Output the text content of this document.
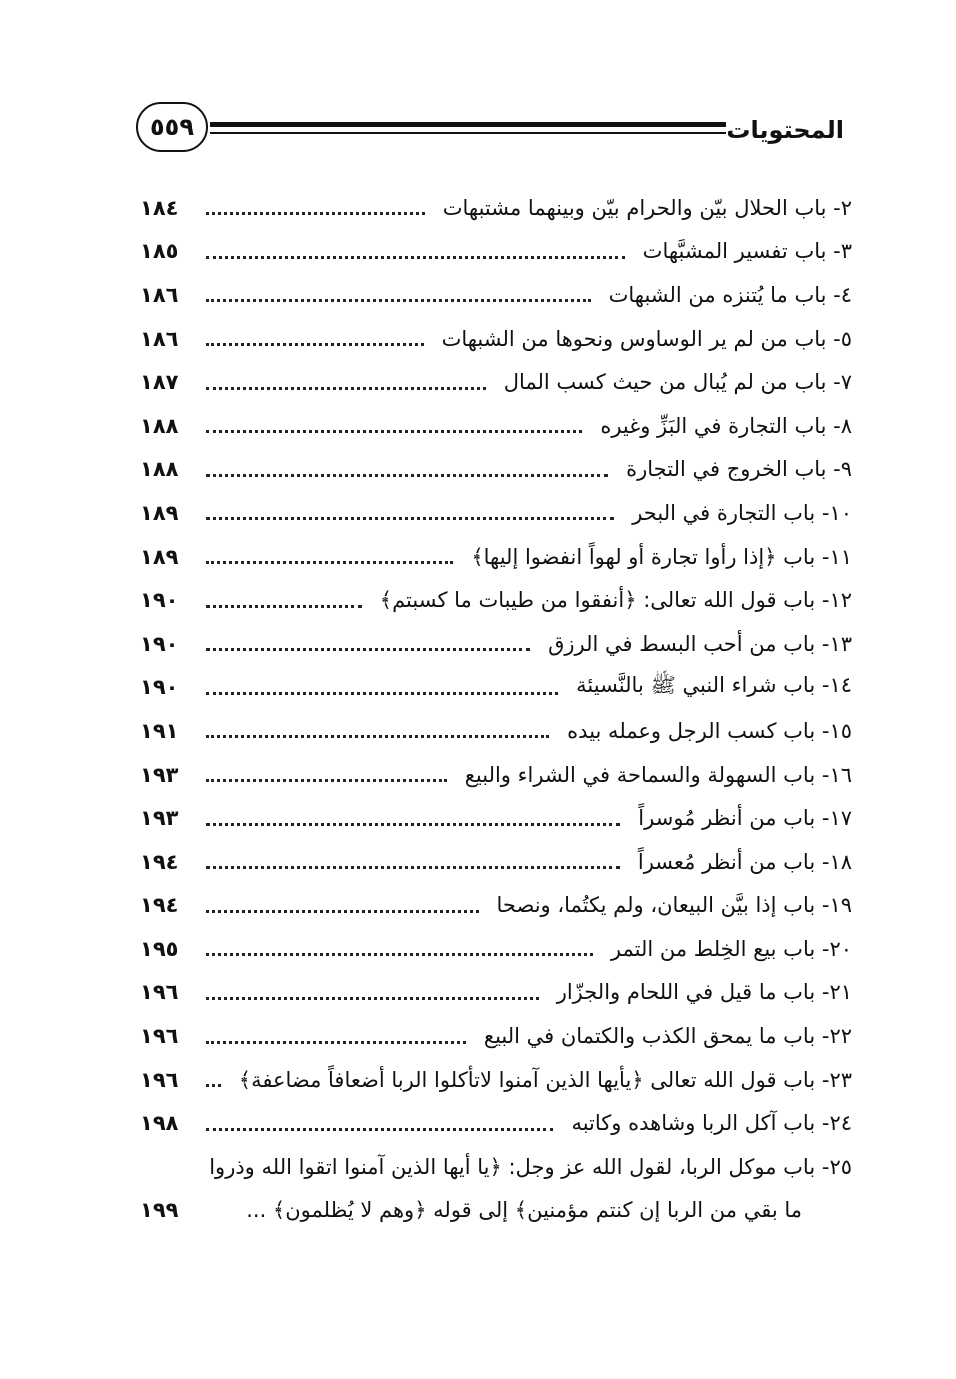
المحتويات
٥٥٩
٢- باب الحلال بيّن والحرام بيّن وبينهما مشتبهات
١٨٤
٣- باب تفسير المشبَّهات
١٨٥
٤- باب ما يُتنزه من الشبهات
١٨٦
٥- باب من لم ير الوساوس ونحوها من الشبهات
١٨٦
٧- باب من لم يُبال من حيث كسب المال
١٨٧
٨- باب التجارة في البَزِّ وغيره
١٨٨
٩- باب الخروج في التجارة
١٨٨
١٠- باب التجارة في البحر
١٨٩
١١- باب ﴿إذا رأوا تجارة أو لهواً انفضوا إليها﴾
١٨٩
١٢- باب قول الله تعالى: ﴿أنفقوا من طيبات ما كسبتم﴾
١٩٠
١٣- باب من أحب البسط في الرزق
١٩٠
١٤- باب شراء النبي ﷺ بالنَّسيئة
١٩٠
١٥- باب كسب الرجل وعمله بيده
١٩١
١٦- باب السهولة والسماحة في الشراء والبيع
١٩٣
١٧- باب من أنظر مُوسراً
١٩٣
١٨- باب من أنظر مُعسراً
١٩٤
١٩- باب إذا بيَّن البيعان، ولم يكتُما، ونصحا
١٩٤
٢٠- باب بيع الخِلط من التمر
١٩٥
٢١- باب ما قيل في اللحام والجزّار
١٩٦
٢٢- باب ما يمحق الكذب والكتمان في البيع
١٩٦
٢٣- باب قول الله تعالى ﴿يأيها الذين آمنوا لاتأكلوا الربا أضعافاً مضاعفة﴾
١٩٦
٢٤- باب آكل الربا وشاهده وكاتبه
١٩٨
٢٥- باب موكل الربا، لقول الله عز وجل: ﴿يا أيها الذين آمنوا اتقوا الله وذروا
ما بقي من الربا إن كنتم مؤمنين﴾ إلى قوله ﴿وهم لا يُظلمون﴾ ...
١٩٩
